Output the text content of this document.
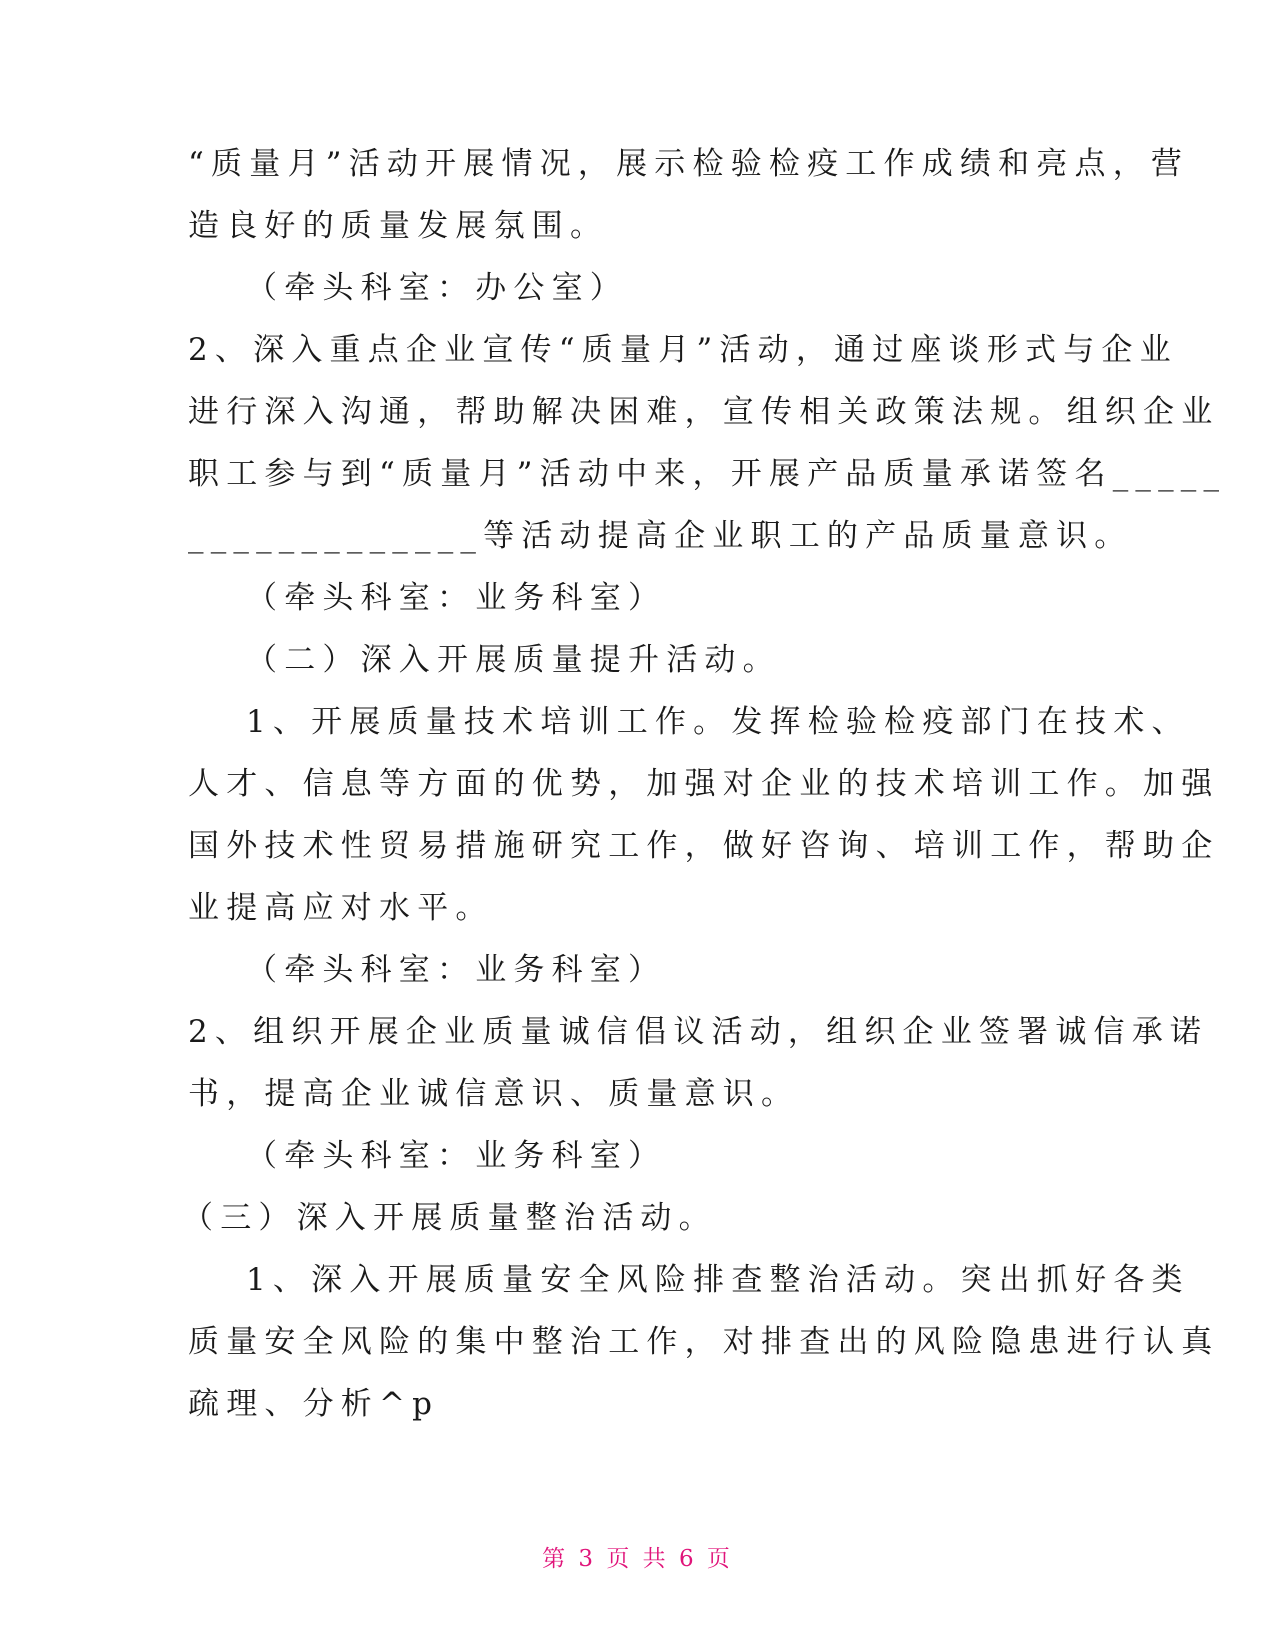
“质量月”活动开展情况，展示检验检疫工作成绩和亮点，营
造良好的质量发展氛围。
（牵头科室：办公室）
2、深入重点企业宣传“质量月”活动，通过座谈形式与企业
进行深入沟通，帮助解决困难，宣传相关政策法规。组织企业
职工参与到“质量月”活动中来，开展产品质量承诺签名_____
_____________等活动提高企业职工的产品质量意识。
（牵头科室：业务科室）
（二）深入开展质量提升活动。
1、开展质量技术培训工作。发挥检验检疫部门在技术、
人才、信息等方面的优势，加强对企业的技术培训工作。加强
国外技术性贸易措施研究工作，做好咨询、培训工作，帮助企
业提高应对水平。
（牵头科室：业务科室）
2、组织开展企业质量诚信倡议活动，组织企业签署诚信承诺
书，提高企业诚信意识、质量意识。
（牵头科室：业务科室）
（三）深入开展质量整治活动。
1、深入开展质量安全风险排查整治活动。突出抓好各类
质量安全风险的集中整治工作，对排查出的风险隐患进行认真
疏理、分析^p
第 3 页 共 6 页
